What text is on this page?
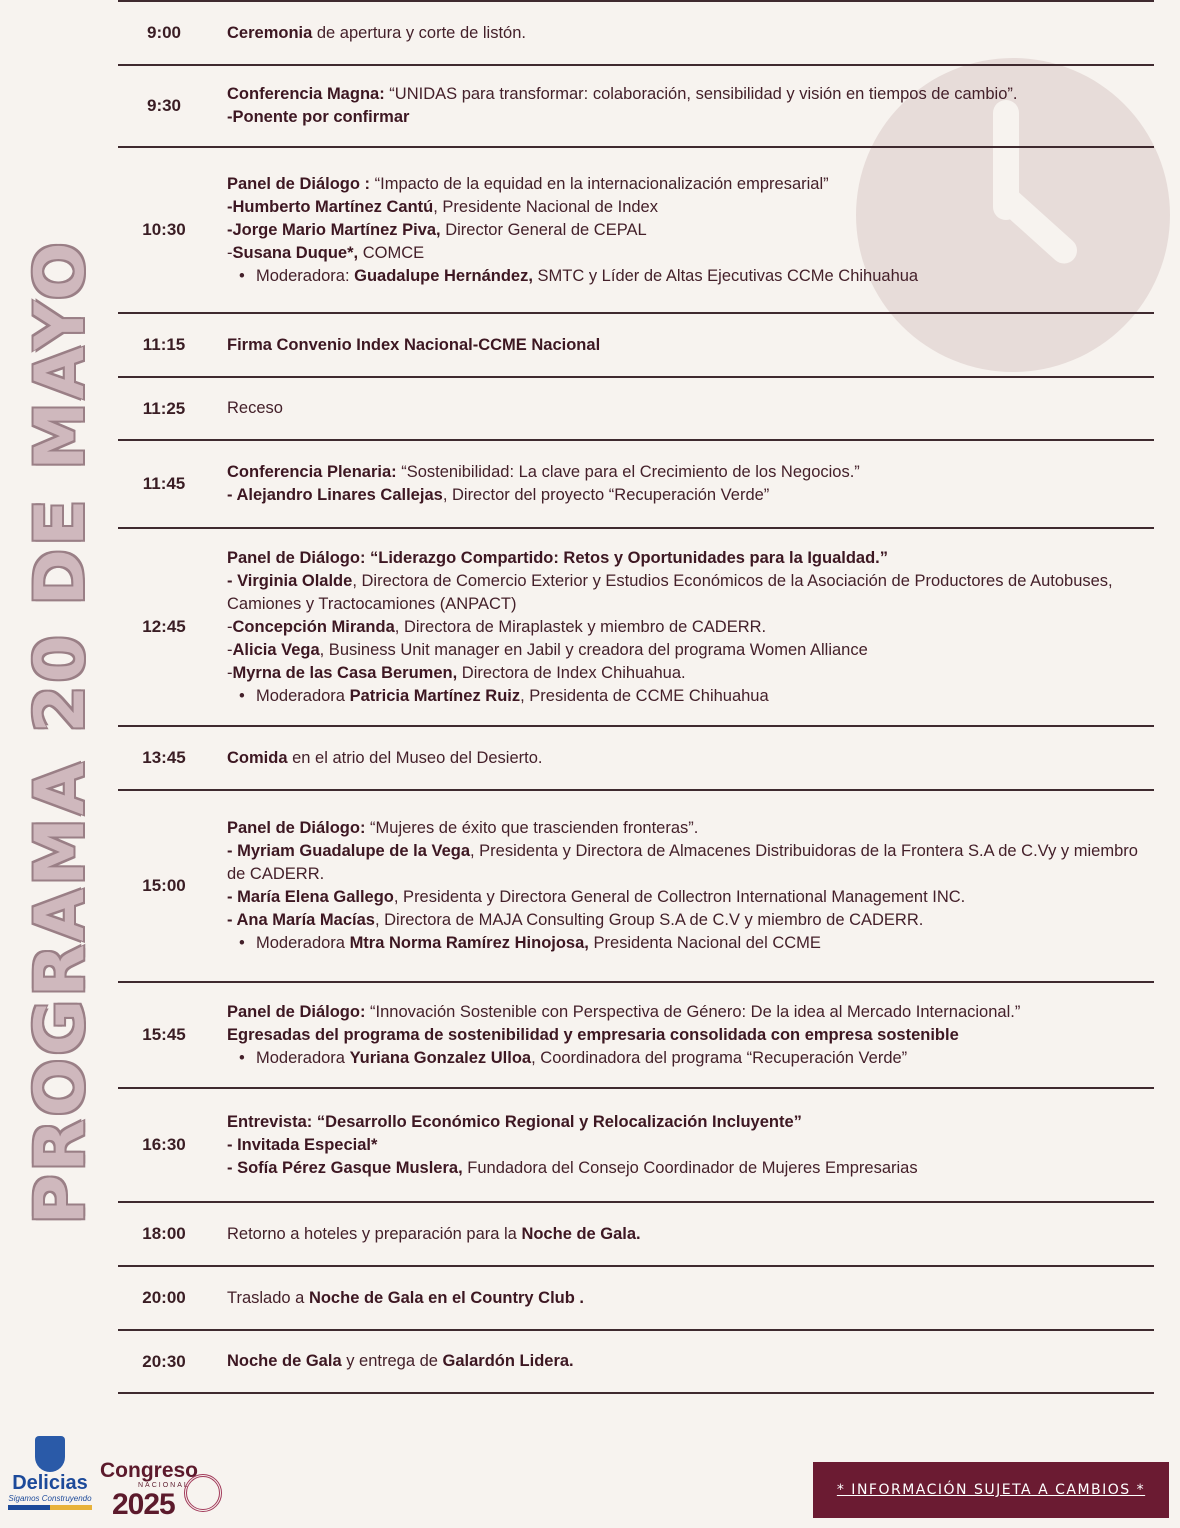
PROGRAMA 20 DE MAYO
9:00	Ceremonia de apertura y corte de listón.
9:30
Conferencia Magna: “UNIDAS para transformar: colaboración, sensibilidad y visión en tiempos de cambio”.
-Ponente por confirmar
10:30
Panel de Diálogo : “Impacto de la equidad en la internacionalización empresarial”
-Humberto Martínez Cantú, Presidente Nacional de Index
-Jorge Mario Martínez Piva, Director General de CEPAL
-Susana Duque*, COMCE
• Moderadora: Guadalupe Hernández, SMTC y Líder de Altas Ejecutivas CCMe Chihuahua
11:15	Firma Convenio Index Nacional-CCME Nacional
11:25	Receso
11:45
Conferencia Plenaria: “Sostenibilidad: La clave para el Crecimiento de los Negocios.”
- Alejandro Linares Callejas, Director del proyecto “Recuperación Verde”
12:45
Panel de Diálogo: “Liderazgo Compartido: Retos y Oportunidades para la Igualdad.”
- Virginia Olalde, Directora de Comercio Exterior y Estudios Económicos de la Asociación de Productores de Autobuses, Camiones y Tractocamiones (ANPACT)
-Concepción Miranda, Directora de Miraplastek y miembro de CADERR.
-Alicia Vega, Business Unit manager en Jabil y creadora del programa Women Alliance
-Myrna de las Casa Berumen, Directora de Index Chihuahua.
• Moderadora Patricia Martínez Ruiz, Presidenta de CCME Chihuahua
13:45	Comida en el atrio del Museo del Desierto.
15:00
Panel de Diálogo: “Mujeres de éxito que trascienden fronteras”.
- Myriam Guadalupe de la Vega, Presidenta y Directora de Almacenes Distribuidoras de la Frontera S.A de C.Vy y miembro de CADERR.
- María Elena Gallego, Presidenta y Directora General de Collectron International Management INC.
- Ana María Macías, Directora de MAJA Consulting Group S.A de C.V y miembro de CADERR.
• Moderadora Mtra Norma Ramírez Hinojosa, Presidenta Nacional del CCME
15:45
Panel de Diálogo: “Innovación Sostenible con Perspectiva de Género: De la idea al Mercado Internacional.”
Egresadas del programa de sostenibilidad y empresaria consolidada con empresa sostenible
• Moderadora Yuriana Gonzalez Ulloa, Coordinadora del programa “Recuperación Verde”
16:30
Entrevista: “Desarrollo Económico Regional y Relocalización Incluyente”
- Invitada Especial*
- Sofía Pérez Gasque Muslera, Fundadora del Consejo Coordinador de Mujeres Empresarias
18:00	Retorno a hoteles y preparación para la Noche de Gala.
20:00	Traslado a Noche de Gala en el Country Club .
20:30	Noche de Gala y entrega de Galardón Lidera.
Delicias
Sigamos Construyendo
Congreso
NACIONAL
2025	* INFORMACIÓN SUJETA A CAMBIOS *
